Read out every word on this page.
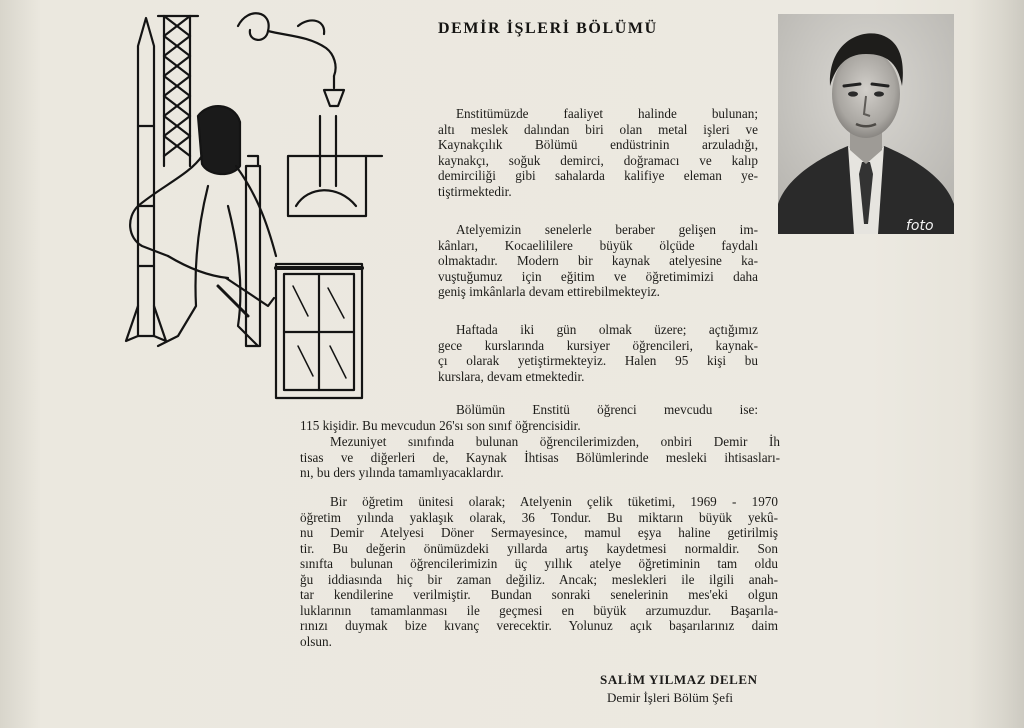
DEMİR İŞLERİ BÖLÜMÜ

Enstitümüzde faaliyet halinde bulunan;
altı meslek dalından biri olan metal işleri ve
Kaynakçılık Bölümü endüstrinin arzuladığı,
kaynakçı, soğuk demirci, doğramacı ve kalıp
demirciliği gibi sahalarda kalifiye eleman ye-
tiştirmektedir.

Atelyemizin senelerle beraber gelişen im-
kânları, Kocaelililere büyük ölçüde faydalı
olmaktadır. Modern bir kaynak atelyesine ka-
vuştuğumuz için eğitim ve öğretimimizi daha
geniş imkânlarla devam ettirebilmekteyiz.

Haftada iki gün olmak üzere; açtığımız
gece kurslarında kursiyer öğrencileri, kaynak-
çı olarak yetiştirmekteyiz. Halen 95 kişi bu
kurslara, devam etmektedir.

Bölümün Enstitü öğrenci mevcudu ise:
115 kişidir. Bu mevcudun 26'sı son sınıf öğrencisidir.

Mezuniyet sınıfında bulunan öğrencilerimizden, onbiri Demir İh
tisas ve diğerleri de, Kaynak İhtisas Bölümlerinde mesleki ihtisasları-
nı, bu ders yılında tamamlıyacaklardır.

Bir öğretim ünitesi olarak; Atelyenin çelik tüketimi, 1969 - 1970
öğretim yılında yaklaşık olarak, 36 Tondur. Bu miktarın büyük yekû-
nu Demir Atelyesi Döner Sermayesince, mamul eşya haline getirilmiş
tir. Bu değerin önümüzdeki yıllarda artış kaydetmesi normaldir. Son
sınıfta bulunan öğrencilerimizin üç yıllık atelye öğretiminin tam oldu
ğu iddiasında hiç bir zaman değiliz. Ancak; meslekleri ile ilgili anah-
tar kendilerine verilmiştir. Bundan sonraki senelerinin mes'eki olgun
luklarının tamamlanması ile geçmesi en büyük arzumuzdur. Başarıla-
rınızı duymak bize kıvanç verecektir. Yolunuz açık başarılarınız daim
olsun.

SALİM YILMAZ DELEN
Demir İşleri Bölüm Şefi
foto
